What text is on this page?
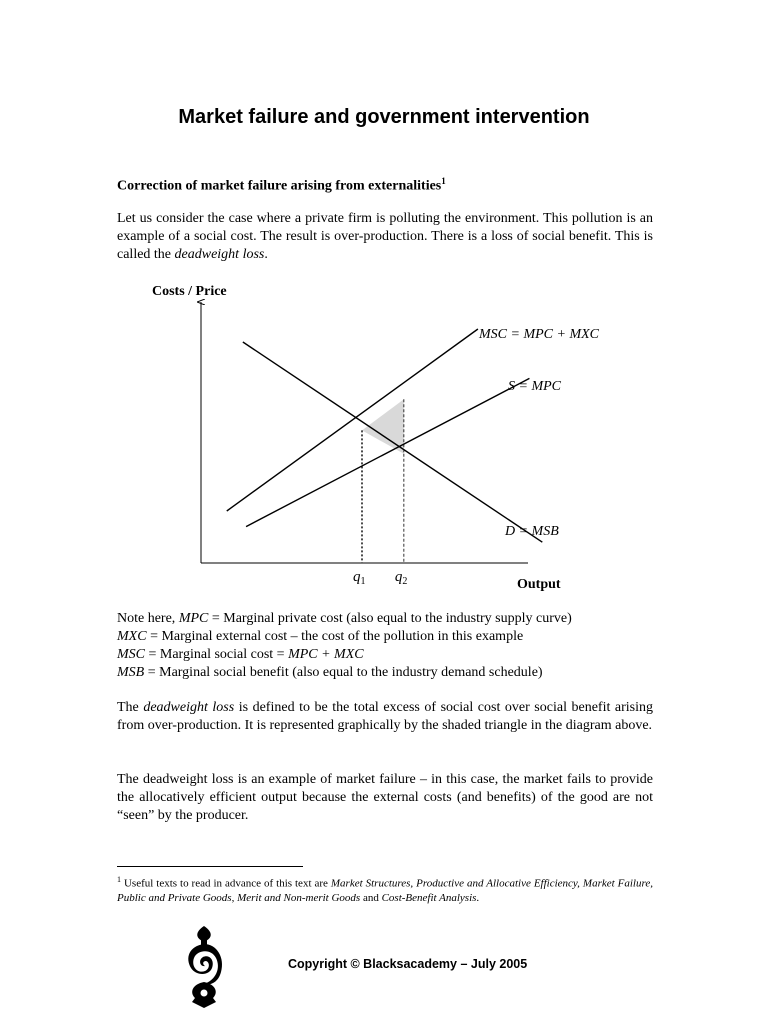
Market failure and government intervention
Correction of market failure arising from externalities$^1$

Let us consider the case where a private firm is polluting the environment. This pollution is an example of a social cost. The result is over-production. There is a loss of social benefit. This is called the deadweight loss.

MSC = MPC + MXC
S = MPC
D = MSB
$q_1$ $q_2$
Costs / Price
Output
Note here, MPC = Marginal private cost (also equal to the industry supply curve)
MXC = Marginal external cost – the cost of the pollution in this example
MSC = Marginal social cost = MPC + MXC
MSB = Marginal social benefit (also equal to the industry demand schedule)

The deadweight loss is defined to be the total excess of social cost over social benefit arising from over-production. It is represented graphically by the shaded triangle in the diagram above.

The deadweight loss is an example of market failure – in this case, the market fails to provide the allocatively efficient output because the external costs (and benefits) of the good are not “seen” by the producer.

$^1$ Useful texts to read in advance of this text are Market Structures, Productive and Allocative Efficiency, Market Failure, Public and Private Goods, Merit and Non-merit Goods and Cost-Benefit Analysis.
Copyright © Blacksacademy – July 2005
